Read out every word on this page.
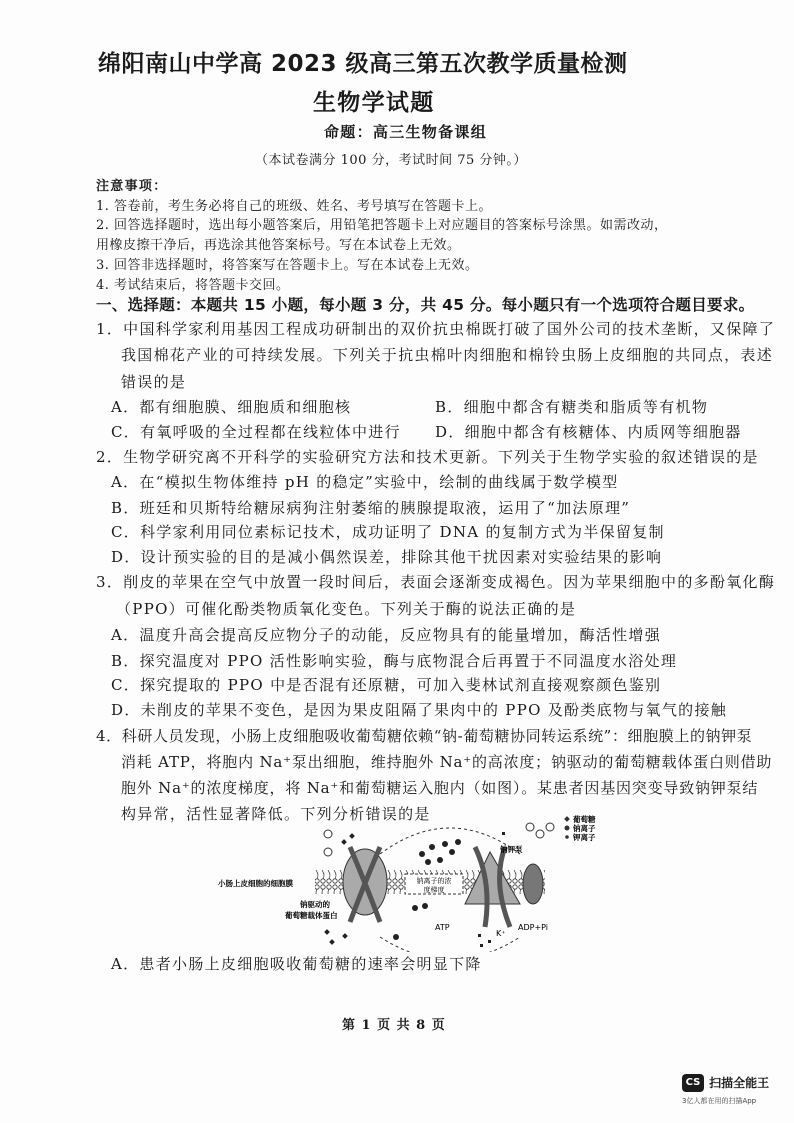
绵阳南山中学高 2023 级高三第五次教学质量检测
生物学试题
命题：高三生物备课组
（本试卷满分 100 分，考试时间 75 分钟。）
注意事项：
1. 答卷前，考生务必将自己的班级、姓名、考号填写在答题卡上。
2. 回答选择题时，选出每小题答案后，用铅笔把答题卡上对应题目的答案标号涂黑。如需改动，
用橡皮擦干净后，再选涂其他答案标号。写在本试卷上无效。
3. 回答非选择题时，将答案写在答题卡上。写在本试卷上无效。
4. 考试结束后，将答题卡交回。
一、选择题：本题共 15 小题，每小题 3 分，共 45 分。每小题只有一个选项符合题目要求。
1．中国科学家利用基因工程成功研制出的双价抗虫棉既打破了国外公司的技术垄断，又保障了
我国棉花产业的可持续发展。下列关于抗虫棉叶肉细胞和棉铃虫肠上皮细胞的共同点，表述
错误的是
A．都有细胞膜、细胞质和细胞核	B．细胞中都含有糖类和脂质等有机物
C．有氧呼吸的全过程都在线粒体中进行 D．细胞中都含有核糖体、内质网等细胞器
2．生物学研究离不开科学的实验研究方法和技术更新。下列关于生物学实验的叙述错误的是
A．在“模拟生物体维持 pH 的稳定”实验中，绘制的曲线属于数学模型
B．班廷和贝斯特给糖尿病狗注射萎缩的胰腺提取液，运用了“加法原理”
C．科学家利用同位素标记技术，成功证明了 DNA 的复制方式为半保留复制
D．设计预实验的目的是减小偶然误差，排除其他干扰因素对实验结果的影响
3．削皮的苹果在空气中放置一段时间后，表面会逐渐变成褐色。因为苹果细胞中的多酚氧化酶
（PPO）可催化酚类物质氧化变色。下列关于酶的说法正确的是
A．温度升高会提高反应物分子的动能，反应物具有的能量增加，酶活性增强
B．探究温度对 PPO 活性影响实验，酶与底物混合后再置于不同温度水浴处理
C．探究提取的 PPO 中是否混有还原糖，可加入斐林试剂直接观察颜色鉴别
D．未削皮的苹果不变色，是因为果皮阻隔了果肉中的 PPO 及酚类底物与氧气的接触
4．科研人员发现，小肠上皮细胞吸收葡萄糖依赖“钠-葡萄糖协同转运系统”：细胞膜上的钠钾泵
消耗 ATP，将胞内 Na⁺泵出细胞，维持胞外 Na⁺的高浓度；钠驱动的葡萄糖载体蛋白则借助
胞外 Na⁺的浓度梯度，将 Na⁺和葡萄糖运入胞内（如图）。某患者因基因突变导致钠钾泵结
构异常，活性显著降低。下列分析错误的是
钠离子的浓
度梯度
小肠上皮细胞的细胞膜
钠驱动的
葡萄糖载体蛋白
钠钾泵
ATP	ADP+Pi
K⁺
葡萄糖
钠离子
钾离子
A．患者小肠上皮细胞吸收葡萄糖的速率会明显下降
第 1 页 共 8 页
CS 扫描全能王
3亿人都在用的扫描App
